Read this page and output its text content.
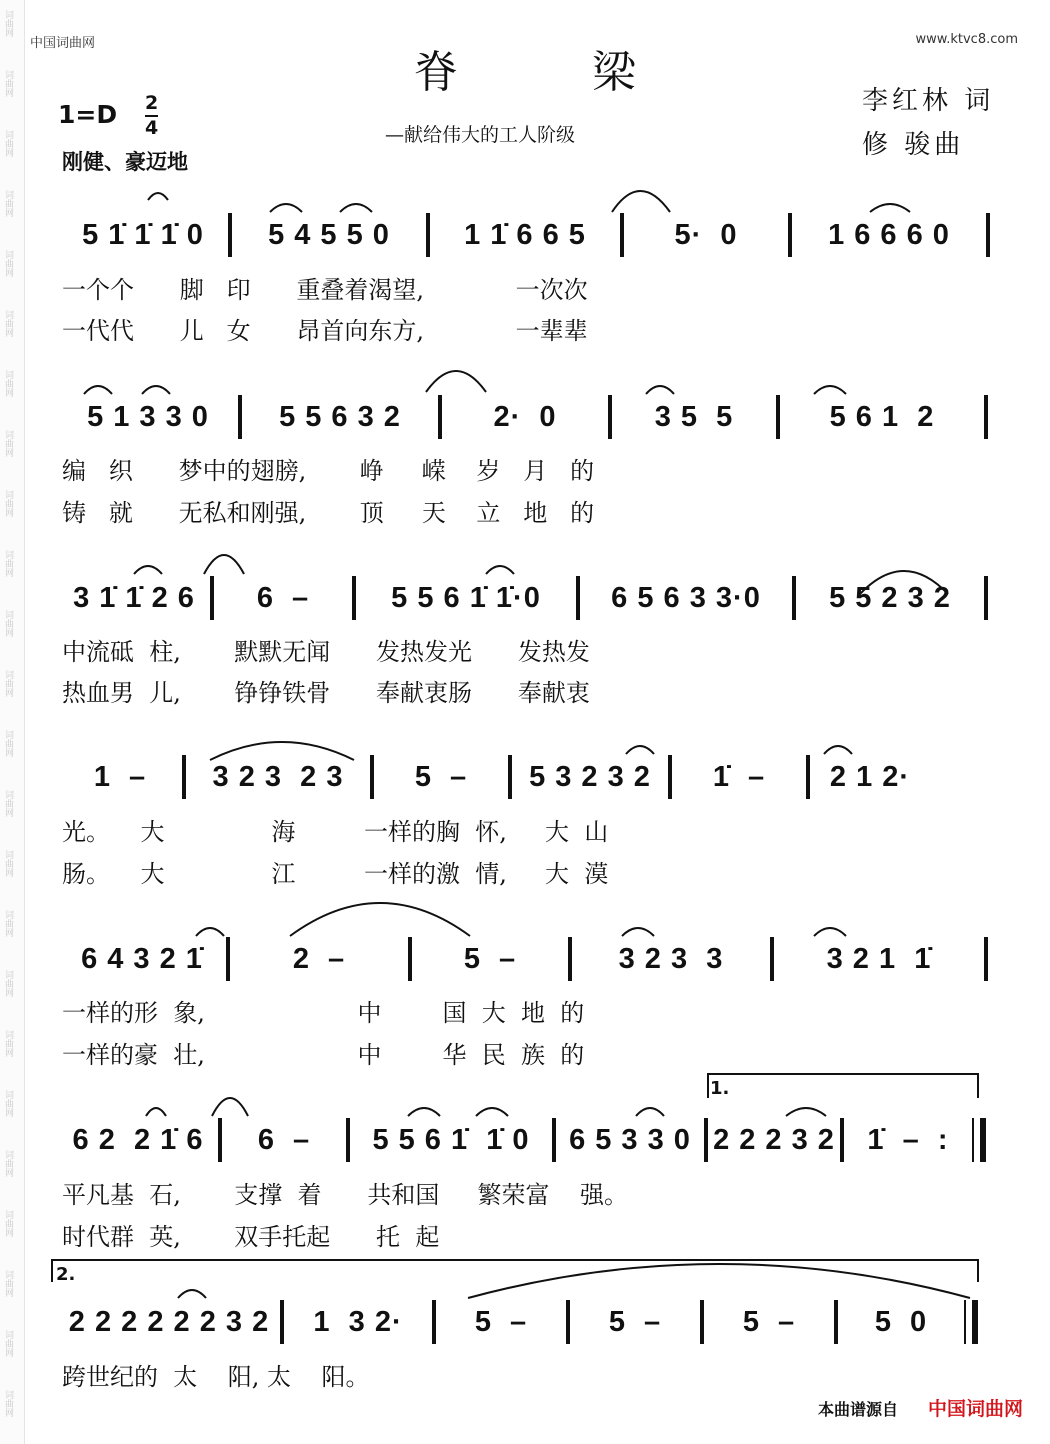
词曲网
词曲网
词曲网
词曲网
词曲网
词曲网
词曲网
词曲网
词曲网
词曲网
词曲网
词曲网
词曲网
词曲网
词曲网
词曲网
词曲网
词曲网
词曲网
词曲网
词曲网
词曲网
词曲网
词曲网
中国词曲网	www.ktvc8.com
脊 梁
—献给伟大的工人阶级
1=D 2
4
刚健、豪迈地
李红林 词
修 骏曲
5 1̇ 1̇ 1̇ 0	5 4 5 5 0	1 1̇ 6 6 5	5·  0	1 6 6 6 0
一个个      脚   印      重叠着渴望,            一次次
一代代      儿   女      昂首向东方,            一辈辈
5 1 3 3 0	5 5 6 3 2	2·  0	3 5  5	5 6 1  2
编   织      梦中的翅膀,       峥     嵘    岁   月   的
铸   就      无私和刚强,       顶     天    立   地   的
3 1̇ 1̇ 2 6	6  –	5 5 6 1̇ 1̇·0	6 5 6 3 3·0	5 5 2 3 2
中流砥  柱,       默默无闻      发热发光      发热发
热血男  儿,       铮铮铁骨      奉献衷肠      奉献衷
1  –	3 2 3  2 3	5  –	5 3 2 3 2	1̇  –	2 1 2·
光。    大              海         一样的胸  怀,     大  山
肠。    大              江         一样的激  情,     大  漠
6 4 3 2 1̇	2  –	5  –	3 2 3  3	3 2 1  1̇
一样的形  象,                    中        国  大  地  的
一样的豪  壮,                    中        华  民  族  的
6 2  2 1̇ 6	6  –	5 5 6 1̇  1̇ 0	6 5 3 3 0 2 2 2 3 2	1̇  –  :
1.
平凡基  石,       支撑  着      共和国     繁荣富    强。
时代群  英,       双手托起      托  起
2 2 2 2 2 2 3 2	1  3 2·	5  –	5  –	5  –	5  0
2.
跨世纪的  太    阳, 太    阳。
本曲谱源自 中国词曲网
